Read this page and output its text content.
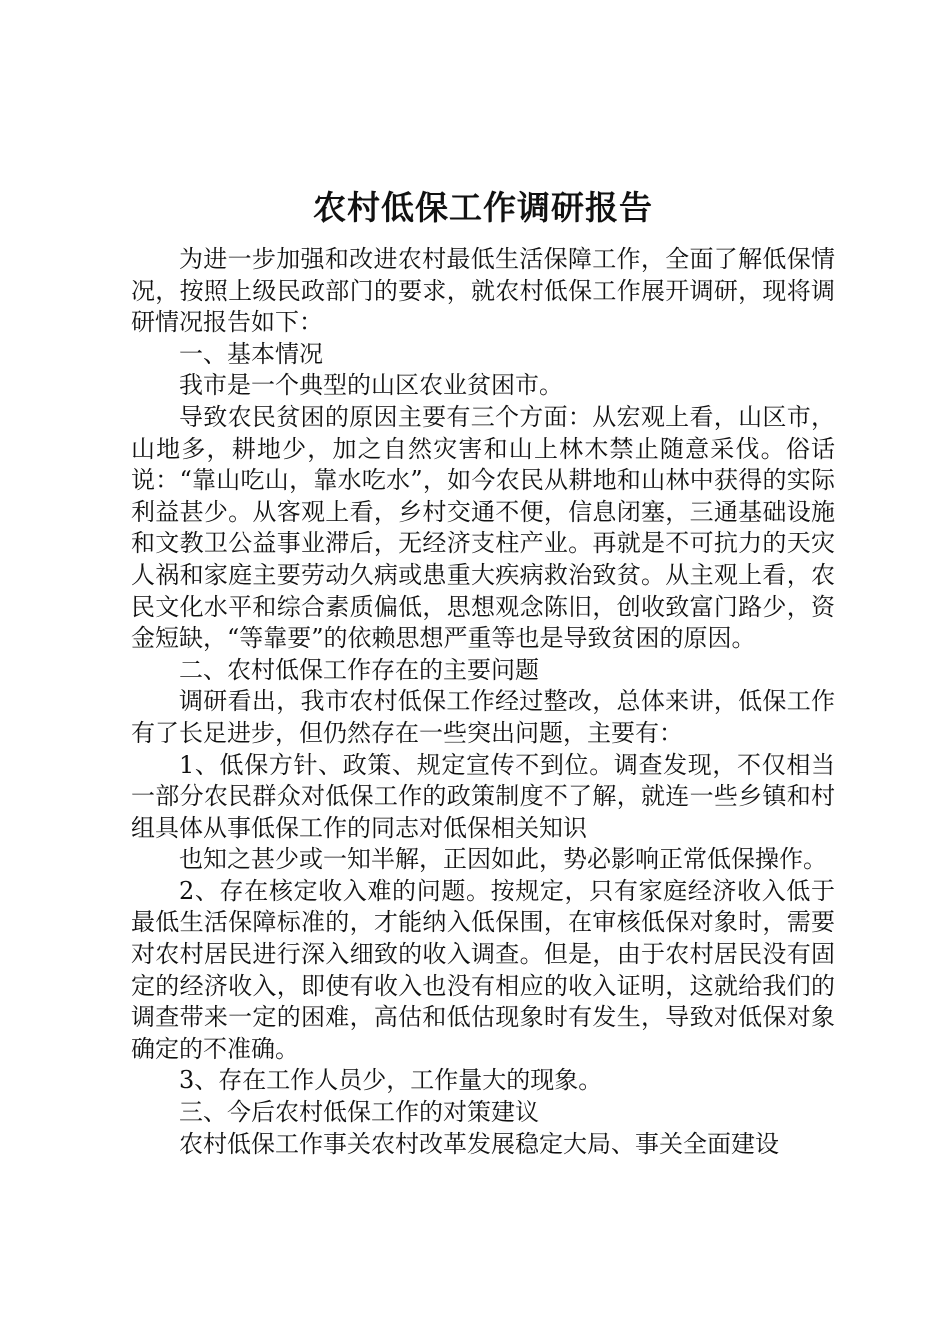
农村低保工作调研报告

为进一步加强和改进农村最低生活保障工作，全面了解低保情况，按照上级民政部门的要求，就农村低保工作展开调研，现将调研情况报告如下：

一、基本情况

我市是一个典型的山区农业贫困市。

导致农民贫困的原因主要有三个方面：从宏观上看，山区市，山地多，耕地少，加之自然灾害和山上林木禁止随意采伐。俗话说：“靠山吃山，靠水吃水”，如今农民从耕地和山林中获得的实际利益甚少。从客观上看，乡村交通不便，信息闭塞，三通基础设施和文教卫公益事业滞后，无经济支柱产业。再就是不可抗力的天灾人祸和家庭主要劳动久病或患重大疾病救治致贫。从主观上看，农民文化水平和综合素质偏低，思想观念陈旧，创收致富门路少，资金短缺，“等靠要”的依赖思想严重等也是导致贫困的原因。

二、农村低保工作存在的主要问题

调研看出，我市农村低保工作经过整改，总体来讲，低保工作有了长足进步，但仍然存在一些突出问题，主要有：

1、低保方针、政策、规定宣传不到位。调查发现，不仅相当一部分农民群众对低保工作的政策制度不了解，就连一些乡镇和村组具体从事低保工作的同志对低保相关知识

也知之甚少或一知半解，正因如此，势必影响正常低保操作。

2、存在核定收入难的问题。按规定，只有家庭经济收入低于最低生活保障标准的，才能纳入低保围，在审核低保对象时，需要对农村居民进行深入细致的收入调查。但是，由于农村居民没有固定的经济收入，即使有收入也没有相应的收入证明，这就给我们的调查带来一定的困难，高估和低估现象时有发生，导致对低保对象确定的不准确。

3、存在工作人员少，工作量大的现象。

三、今后农村低保工作的对策建议

农村低保工作事关农村改革发展稳定大局、事关全面建设
